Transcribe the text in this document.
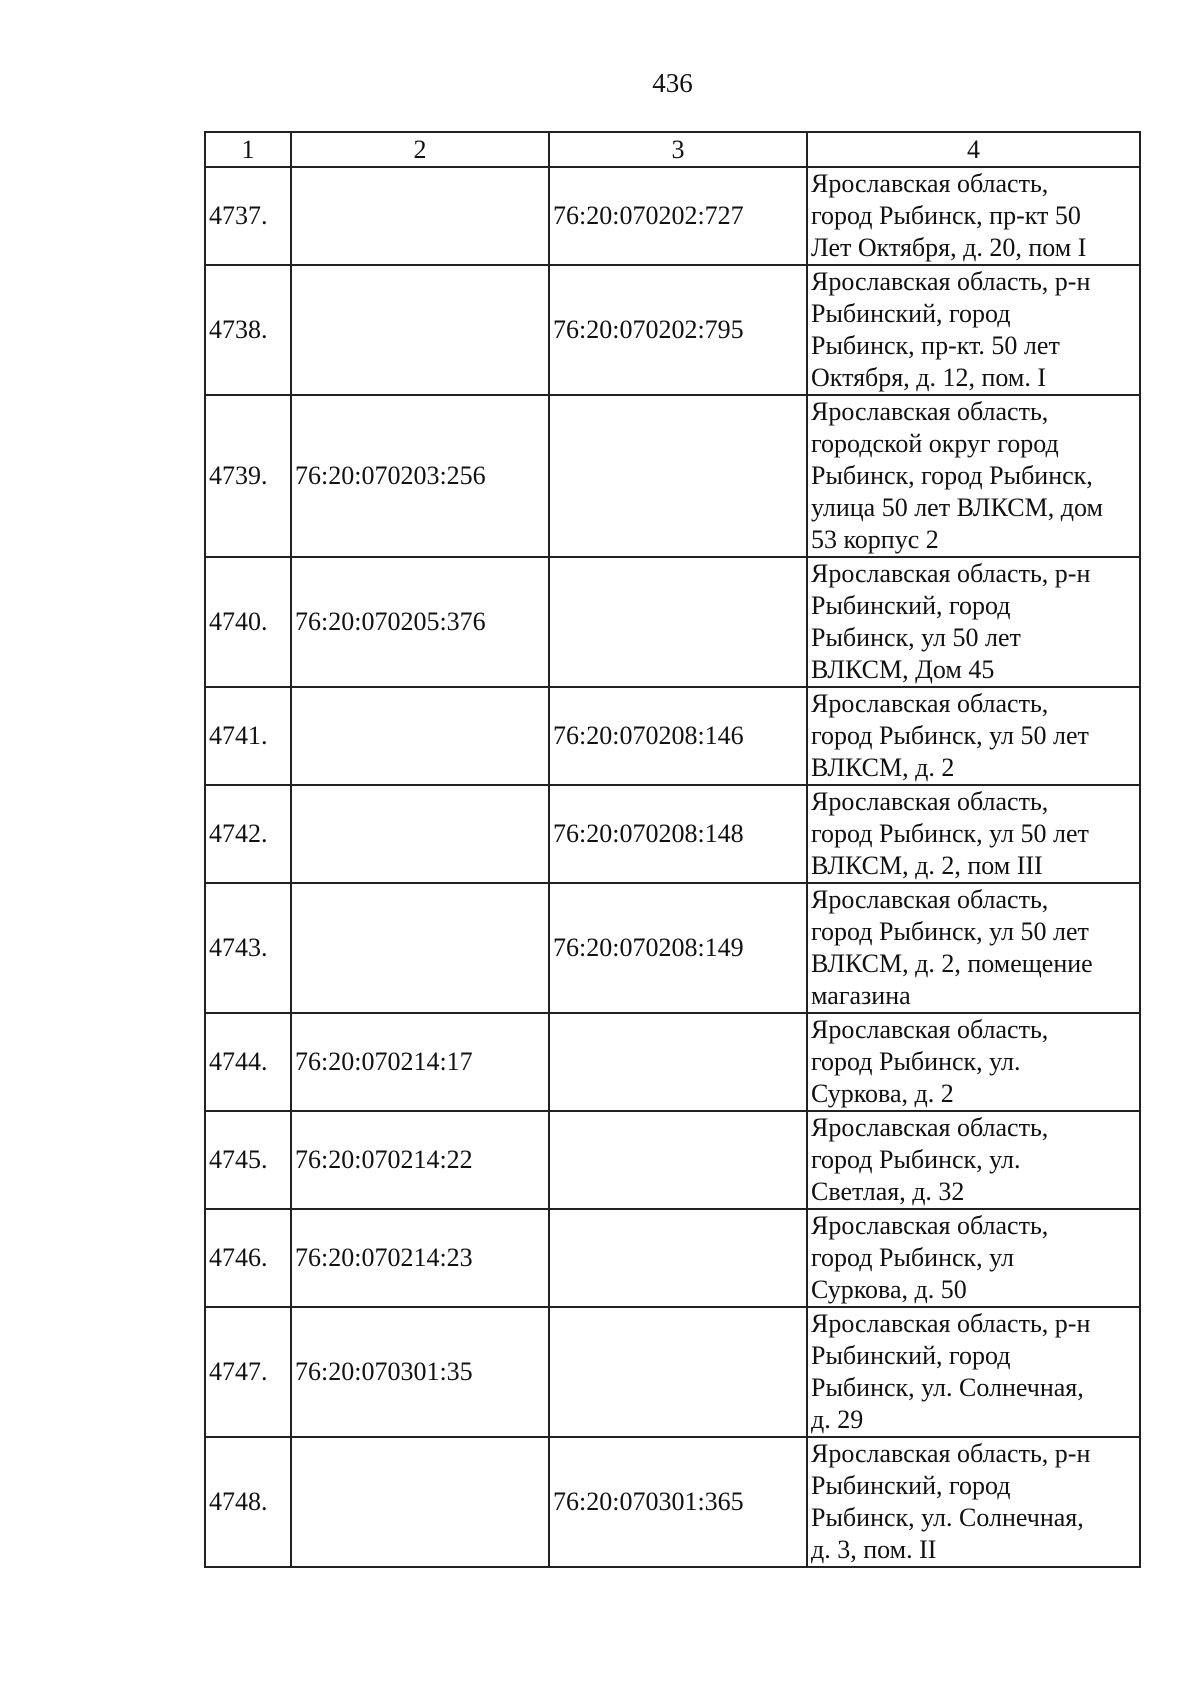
436
1	2	3	4
4737.		76:20:070202:727	Ярославская область,
город Рыбинск, пр-кт 50
Лет Октября, д. 20, пом I
4738.		76:20:070202:795	Ярославская область, р-н
Рыбинский, город
Рыбинск, пр-кт. 50 лет
Октября, д. 12, пом. I
4739.	76:20:070203:256		Ярославская область,
городской округ город
Рыбинск, город Рыбинск,
улица 50 лет ВЛКСМ, дом
53 корпус 2
4740.	76:20:070205:376		Ярославская область, р-н
Рыбинский, город
Рыбинск, ул 50 лет
ВЛКСМ, Дом 45
4741.		76:20:070208:146	Ярославская область,
город Рыбинск, ул 50 лет
ВЛКСМ, д. 2
4742.		76:20:070208:148	Ярославская область,
город Рыбинск, ул 50 лет
ВЛКСМ, д. 2, пом III
4743.		76:20:070208:149	Ярославская область,
город Рыбинск, ул 50 лет
ВЛКСМ, д. 2, помещение
магазина
4744.	76:20:070214:17		Ярославская область,
город Рыбинск, ул.
Суркова, д. 2
4745.	76:20:070214:22		Ярославская область,
город Рыбинск, ул.
Светлая, д. 32
4746.	76:20:070214:23		Ярославская область,
город Рыбинск, ул
Суркова, д. 50
4747.	76:20:070301:35		Ярославская область, р-н
Рыбинский, город
Рыбинск, ул. Солнечная,
д. 29
4748.		76:20:070301:365	Ярославская область, р-н
Рыбинский, город
Рыбинск, ул. Солнечная,
д. 3, пом. II
